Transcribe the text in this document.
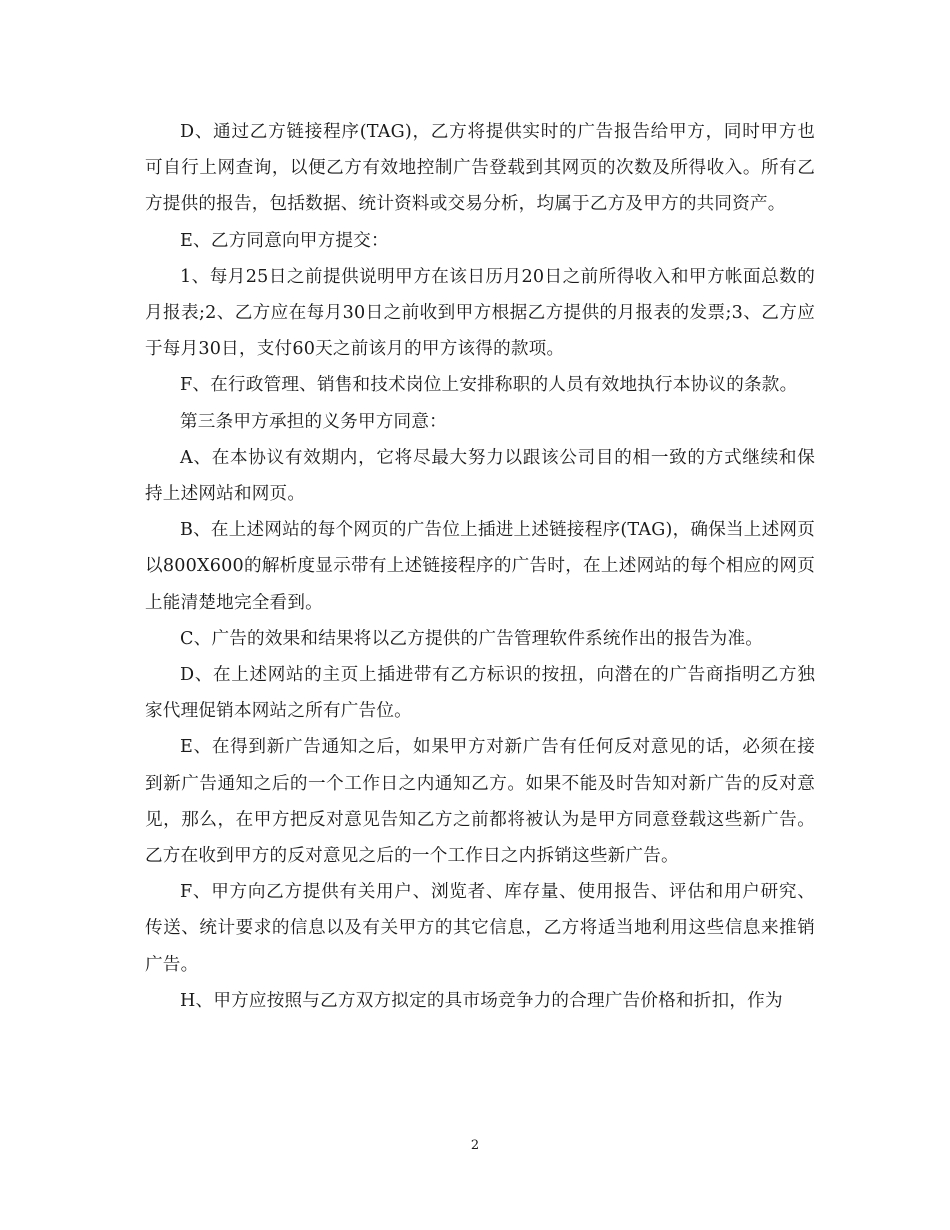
D、通过乙方链接程序(TAG)，乙方将提供实时的广告报告给甲方，同时甲方也可自行上网查询，以便乙方有效地控制广告登载到其网页的次数及所得收入。所有乙方提供的报告，包括数据、统计资料或交易分析，均属于乙方及甲方的共同资产。

E、乙方同意向甲方提交：

1、每月25日之前提供说明甲方在该日历月20日之前所得收入和甲方帐面总数的月报表;2、乙方应在每月30日之前收到甲方根据乙方提供的月报表的发票;3、乙方应于每月30日，支付60天之前该月的甲方该得的款项。

F、在行政管理、销售和技术岗位上安排称职的人员有效地执行本协议的条款。

第三条甲方承担的义务甲方同意：

A、在本协议有效期内，它将尽最大努力以跟该公司目的相一致的方式继续和保持上述网站和网页。

B、在上述网站的每个网页的广告位上插进上述链接程序(TAG)，确保当上述网页以800X600的解析度显示带有上述链接程序的广告时，在上述网站的每个相应的网页上能清楚地完全看到。

C、广告的效果和结果将以乙方提供的广告管理软件系统作出的报告为准。

D、在上述网站的主页上插进带有乙方标识的按扭，向潜在的广告商指明乙方独家代理促销本网站之所有广告位。

E、在得到新广告通知之后，如果甲方对新广告有任何反对意见的话，必须在接到新广告通知之后的一个工作日之内通知乙方。如果不能及时告知对新广告的反对意见，那么，在甲方把反对意见告知乙方之前都将被认为是甲方同意登载这些新广告。乙方在收到甲方的反对意见之后的一个工作日之内拆销这些新广告。

F、甲方向乙方提供有关用户、浏览者、库存量、使用报告、评估和用户研究、传送、统计要求的信息以及有关甲方的其它信息，乙方将适当地利用这些信息来推销广告。

H、甲方应按照与乙方双方拟定的具市场竞争力的合理广告价格和折扣，作为

2
